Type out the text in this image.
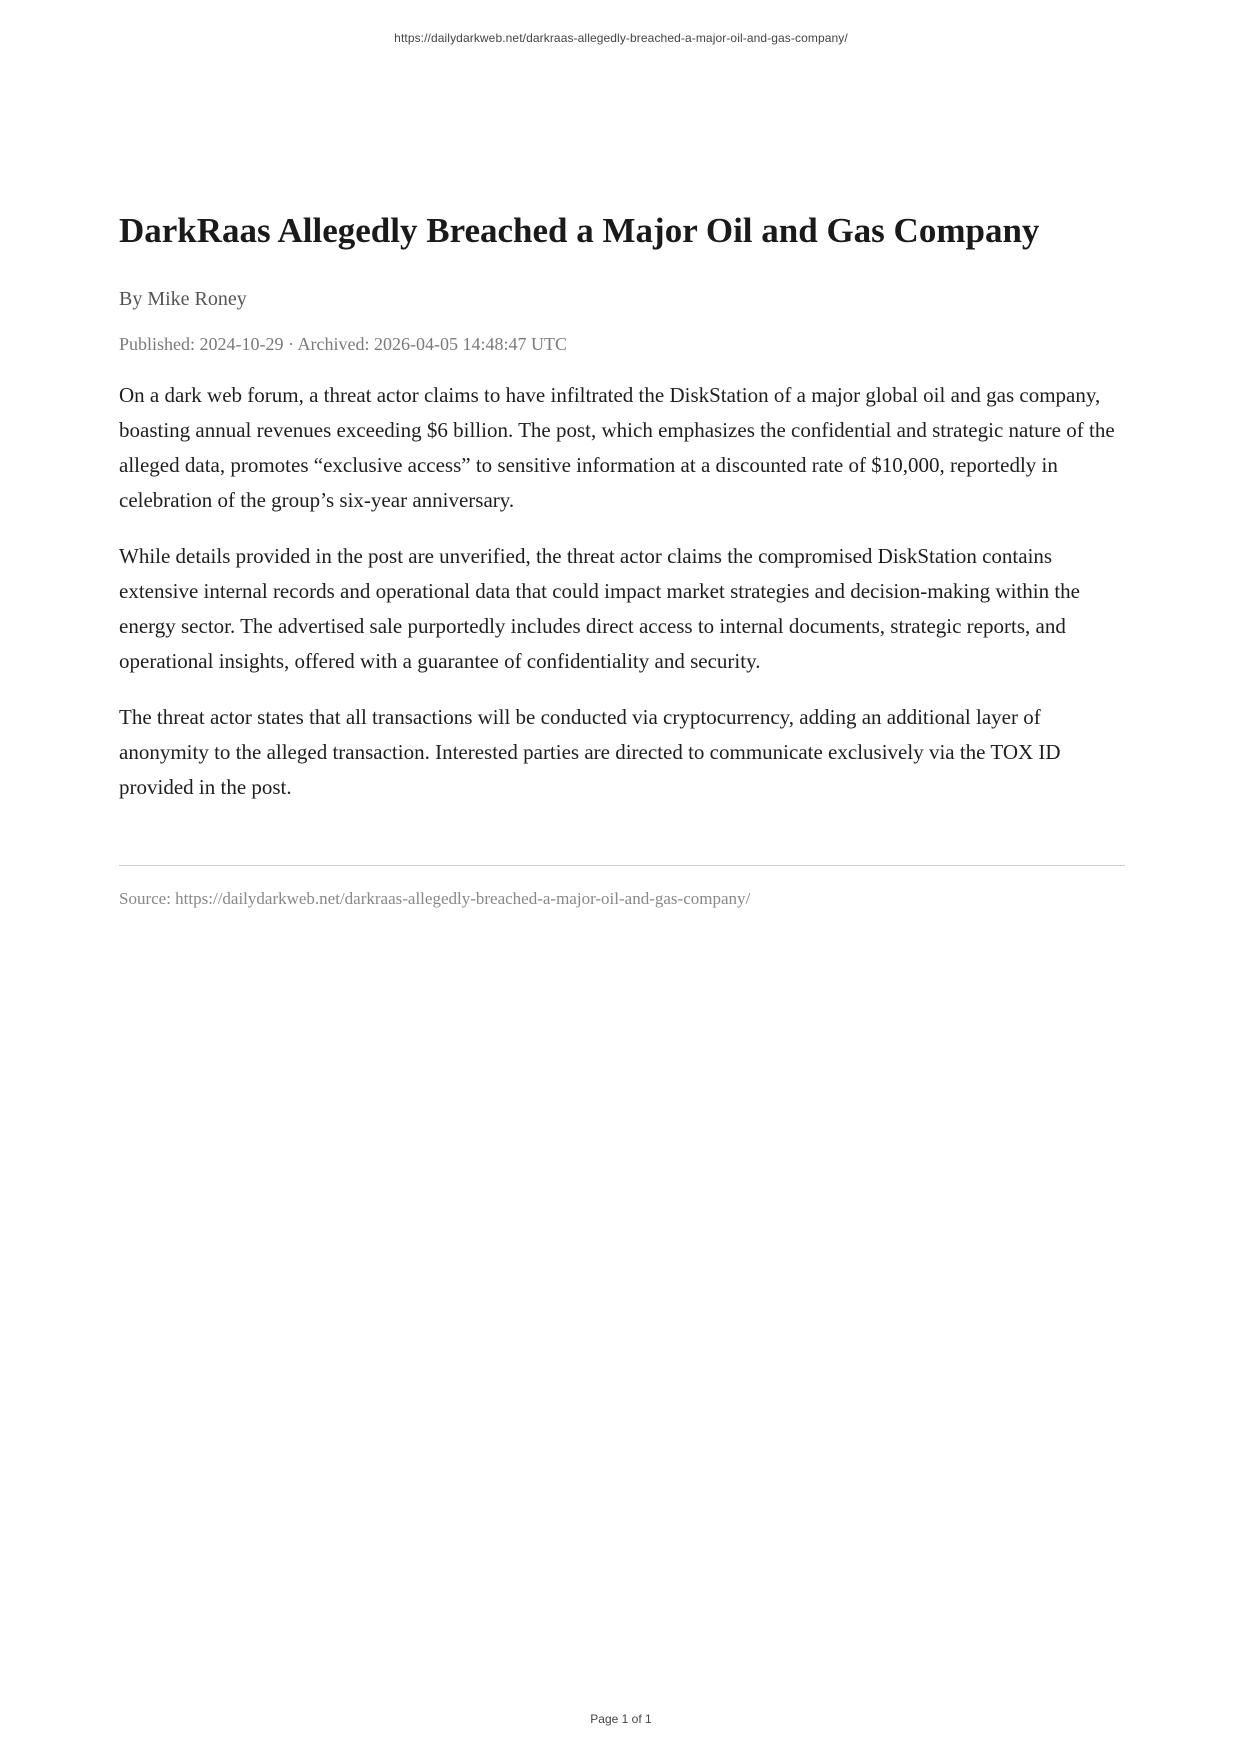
https://dailydarkweb.net/darkraas-allegedly-breached-a-major-oil-and-gas-company/
DarkRaas Allegedly Breached a Major Oil and Gas Company
By Mike Roney
Published: 2024-10-29 · Archived: 2026-04-05 14:48:47 UTC

On a dark web forum, a threat actor claims to have infiltrated the DiskStation of a major global oil and gas company, boasting annual revenues exceeding $6 billion. The post, which emphasizes the confidential and strategic nature of the alleged data, promotes “exclusive access” to sensitive information at a discounted rate of $10,000, reportedly in celebration of the group’s six-year anniversary.

While details provided in the post are unverified, the threat actor claims the compromised DiskStation contains extensive internal records and operational data that could impact market strategies and decision-making within the energy sector. The advertised sale purportedly includes direct access to internal documents, strategic reports, and operational insights, offered with a guarantee of confidentiality and security.

The threat actor states that all transactions will be conducted via cryptocurrency, adding an additional layer of anonymity to the alleged transaction. Interested parties are directed to communicate exclusively via the TOX ID provided in the post.

Source: https://dailydarkweb.net/darkraas-allegedly-breached-a-major-oil-and-gas-company/
Page 1 of 1
